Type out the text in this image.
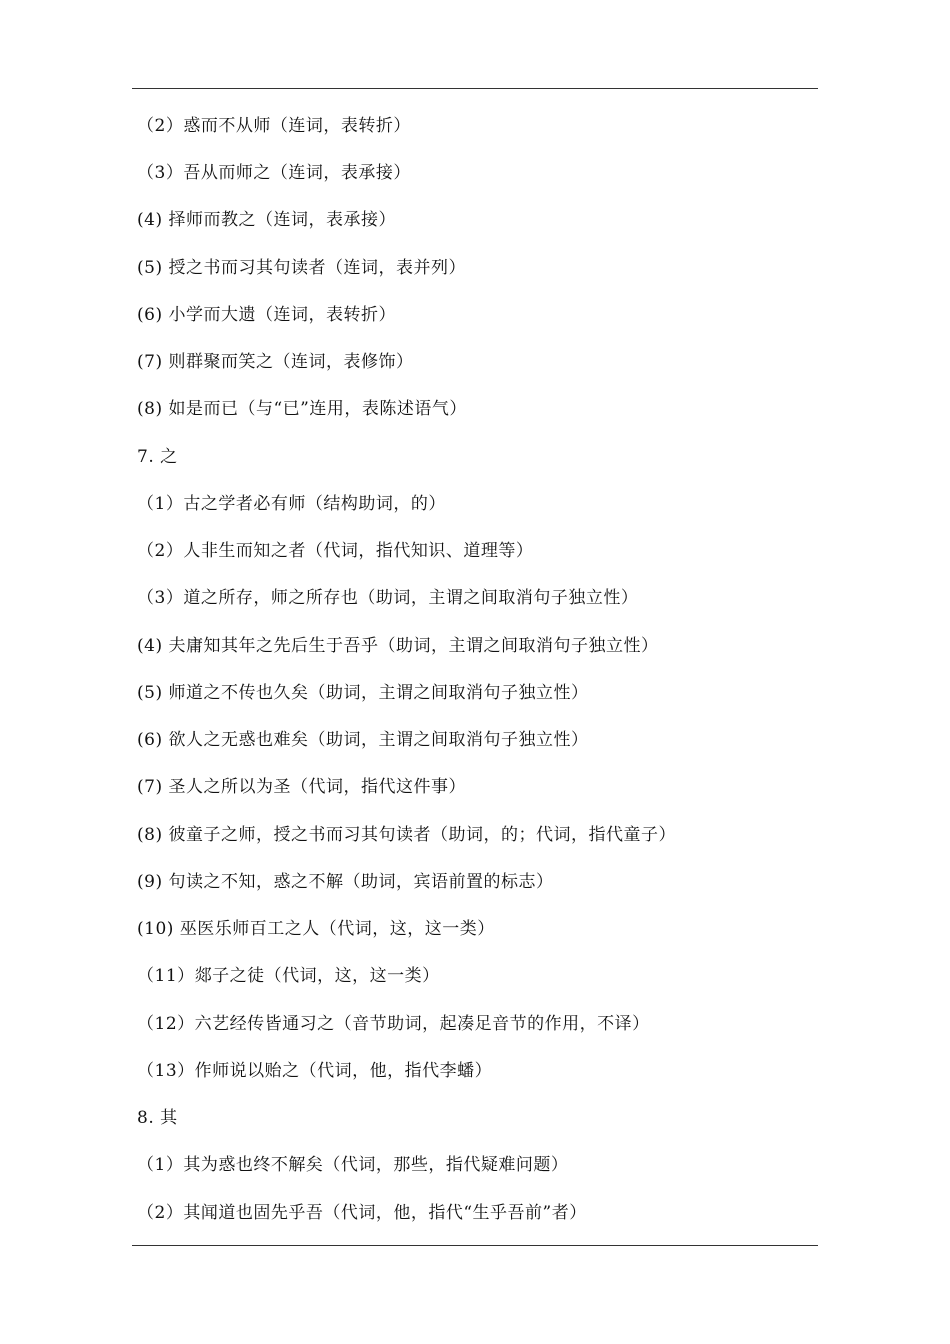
（2）惑而不从师（连词，表转折）
（3）吾从而师之（连词，表承接）
(4) 择师而教之（连词，表承接）
(5) 授之书而习其句读者（连词，表并列）
(6) 小学而大遗（连词，表转折）
(7) 则群聚而笑之（连词，表修饰）
(8) 如是而已（与“已”连用，表陈述语气）
7. 之
（1）古之学者必有师（结构助词，的）
（2）人非生而知之者（代词，指代知识、道理等）
（3）道之所存，师之所存也（助词，主谓之间取消句子独立性）
(4) 夫庸知其年之先后生于吾乎（助词，主谓之间取消句子独立性）
(5) 师道之不传也久矣（助词，主谓之间取消句子独立性）
(6) 欲人之无惑也难矣（助词，主谓之间取消句子独立性）
(7) 圣人之所以为圣（代词，指代这件事）
(8) 彼童子之师，授之书而习其句读者（助词，的；代词，指代童子）
(9) 句读之不知，惑之不解（助词，宾语前置的标志）
(10) 巫医乐师百工之人（代词，这，这一类）
（11）郯子之徒（代词，这，这一类）
（12）六艺经传皆通习之（音节助词，起凑足音节的作用，不译）
（13）作师说以贻之（代词，他，指代李蟠）
8. 其
（1）其为惑也终不解矣（代词，那些，指代疑难问题）
（2）其闻道也固先乎吾（代词，他，指代“生乎吾前”者）
